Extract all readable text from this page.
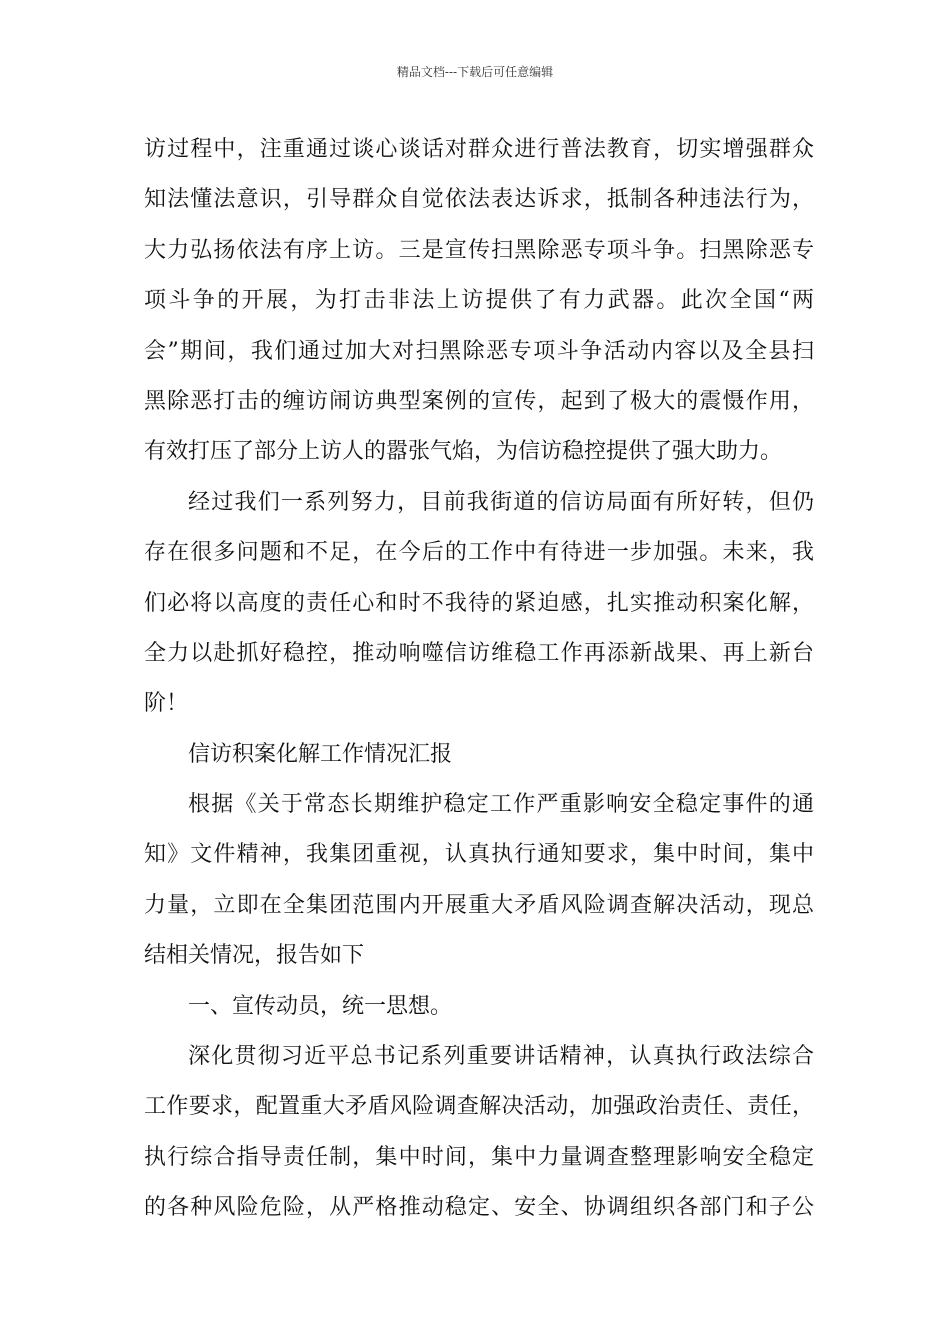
精品文档---下载后可任意编辑
访过程中，注重通过谈心谈话对群众进行普法教育，切实增强群众
知法懂法意识，引导群众自觉依法表达诉求，抵制各种违法行为，
大力弘扬依法有序上访。三是宣传扫黑除恶专项斗争。扫黑除恶专
项斗争的开展，为打击非法上访提供了有力武器。此次全国“两
会”期间，我们通过加大对扫黑除恶专项斗争活动内容以及全县扫
黑除恶打击的缠访闹访典型案例的宣传，起到了极大的震慑作用，
有效打压了部分上访人的嚣张气焰，为信访稳控提供了强大助力。
经过我们一系列努力，目前我街道的信访局面有所好转，但仍
存在很多问题和不足，在今后的工作中有待进一步加强。未来，我
们必将以高度的责任心和时不我待的紧迫感，扎实推动积案化解，
全力以赴抓好稳控，推动响噬信访维稳工作再添新战果、再上新台
阶！
信访积案化解工作情况汇报
根据《关于常态长期维护稳定工作严重影响安全稳定事件的通
知》文件精神，我集团重视，认真执行通知要求，集中时间，集中
力量，立即在全集团范围内开展重大矛盾风险调查解决活动，现总
结相关情况，报告如下
一、宣传动员，统一思想。
深化贯彻习近平总书记系列重要讲话精神，认真执行政法综合
工作要求，配置重大矛盾风险调查解决活动，加强政治责任、责任，
执行综合指导责任制，集中时间，集中力量调查整理影响安全稳定
的各种风险危险，从严格推动稳定、安全、协调组织各部门和子公
